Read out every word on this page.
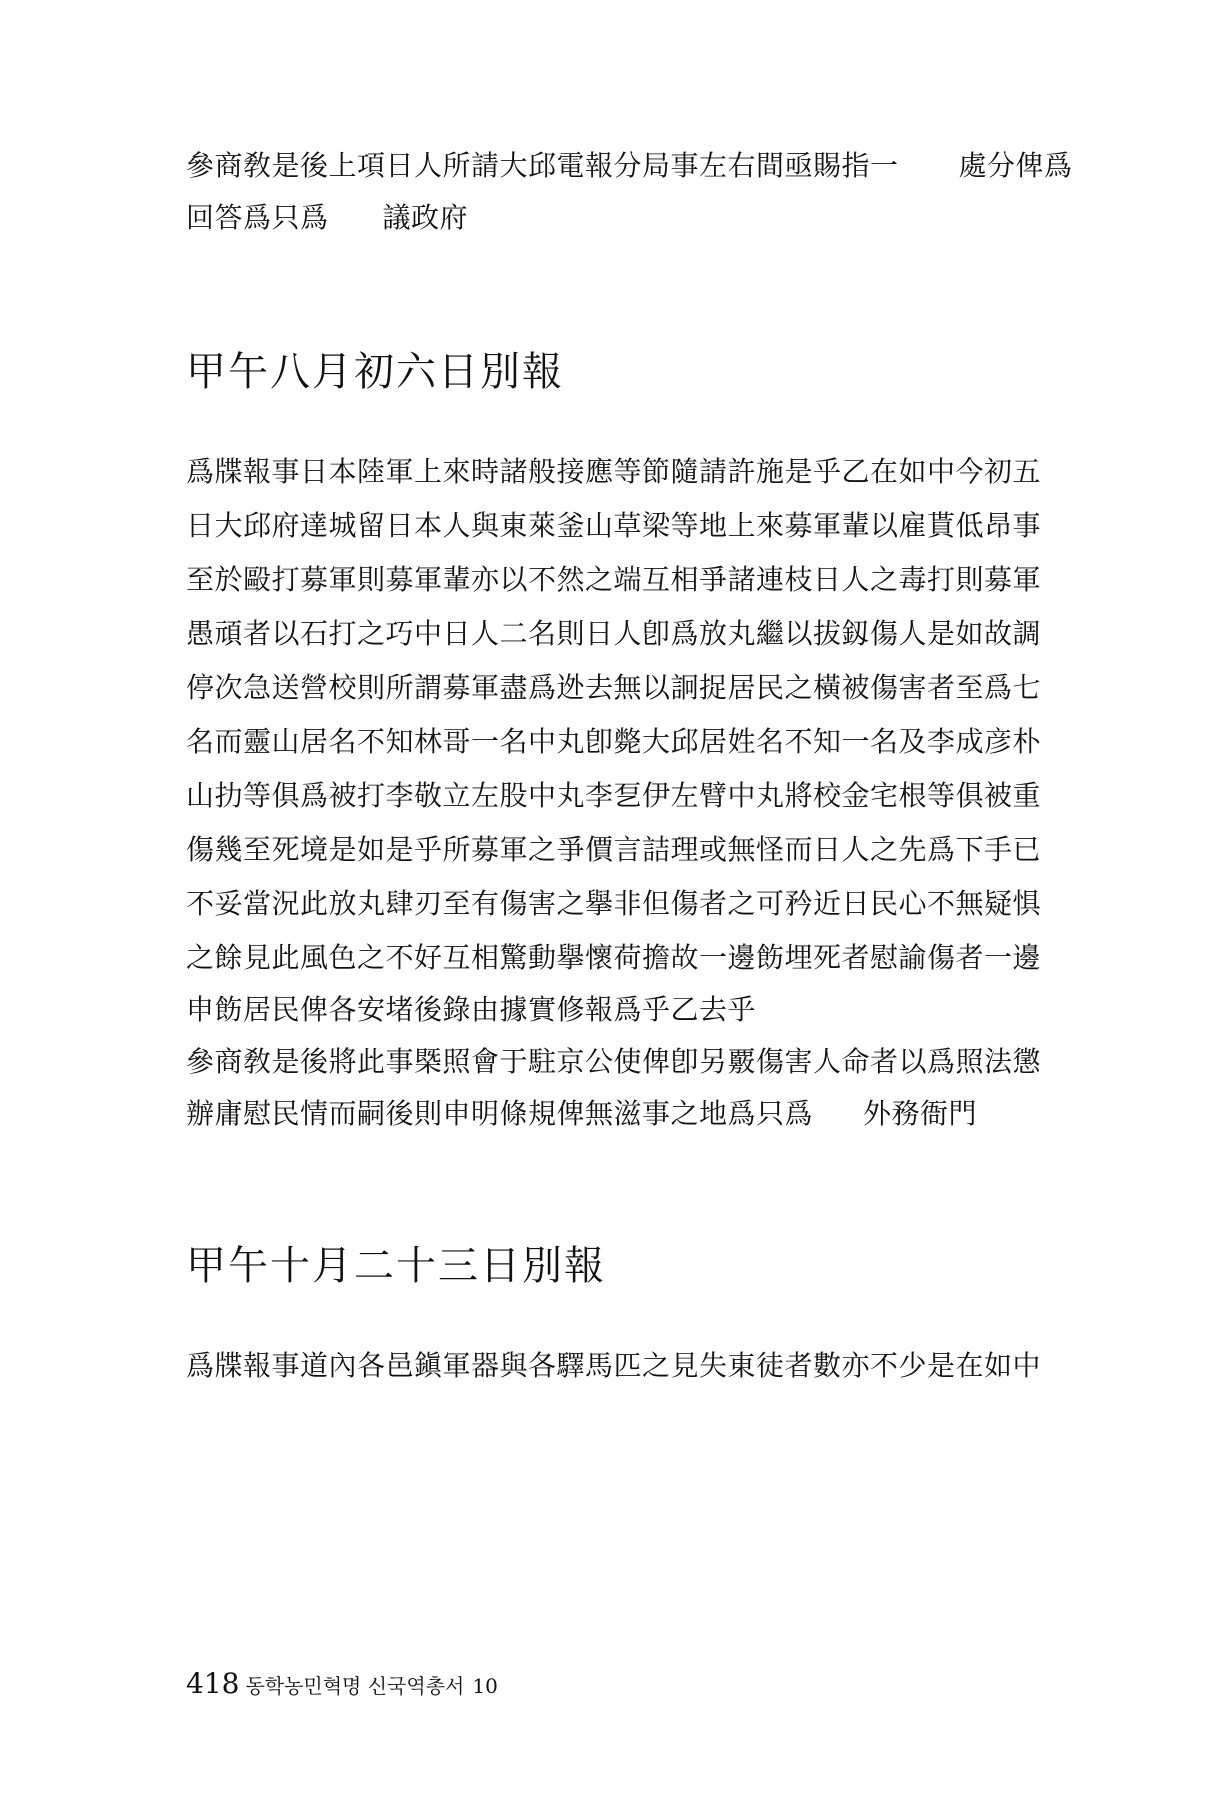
參商敎是後上項日人所請大邱電報分局事左右間亟賜指一 處分俾爲
回答爲只爲 議政府
甲午八月初六日別報
爲牒報事日本陸軍上來時諸般接應等節隨請許施是乎乙在如中今初五
日大邱府達城留日本人與東萊釜山草梁等地上來募軍輩以雇貰低昂事
至於毆打募軍則募軍輩亦以不然之端互相爭諸連枝日人之毒打則募軍
愚頑者以石打之巧中日人二名則日人卽爲放丸繼以拔釼傷人是如故調
停次急送營校則所謂募軍盡爲迯去無以詗捉居民之橫被傷害者至爲七
名而靈山居名不知林哥一名中丸卽斃大邱居姓名不知一名及李成彦朴
山扐等俱爲被打李敬立左股中丸李乭伊左臂中丸將校金宅根等俱被重
傷幾至死境是如是乎所募軍之爭價言詰理或無怪而日人之先爲下手已
不妥當況此放丸肆刃至有傷害之擧非但傷者之可矜近日民心不無疑惧
之餘見此風色之不好互相驚動擧懷荷擔故一邊飭埋死者慰諭傷者一邊
申飭居民俾各安堵後錄由據實修報爲乎乙去乎
參商敎是後將此事槩照會于駐京公使俾卽另覈傷害人命者以爲照法懲
辦庸慰民情而嗣後則申明條規俾無滋事之地爲只爲 外務衙門
甲午十月二十三日別報
爲牒報事道內各邑鎭軍器與各驛馬匹之見失東徒者數亦不少是在如中
418 동학농민혁명 신국역총서 10
